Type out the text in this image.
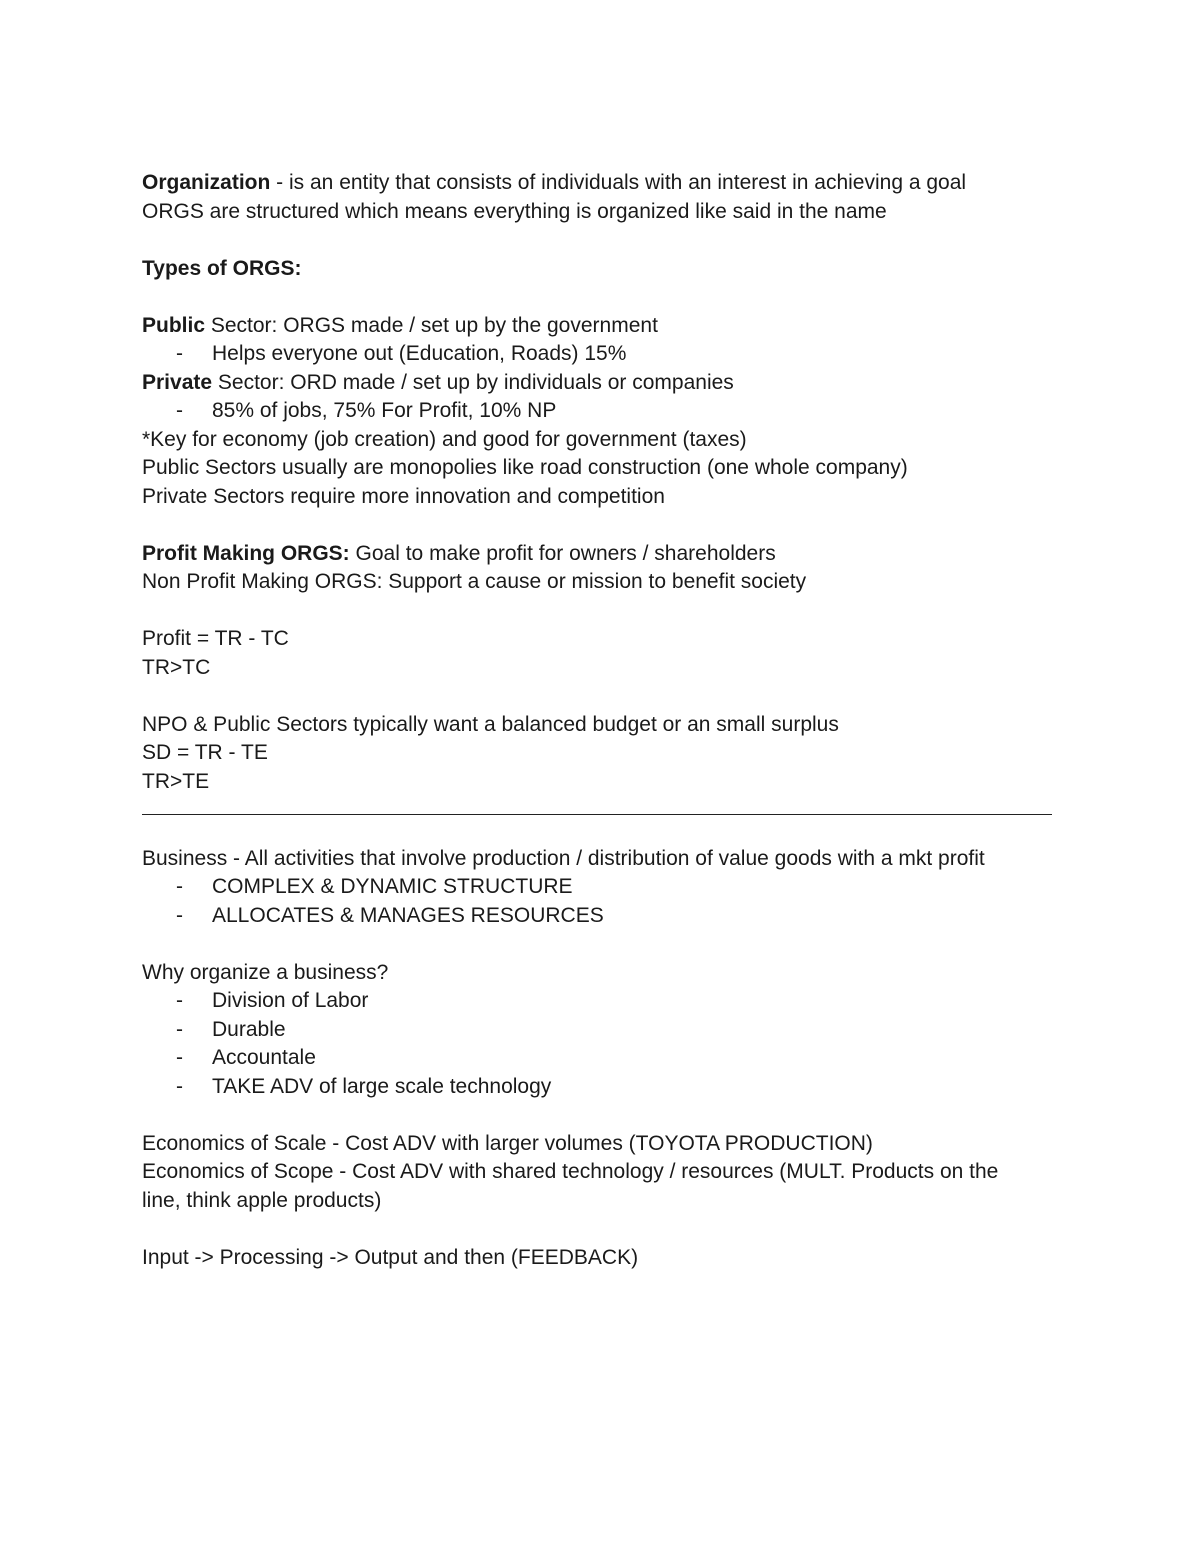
Organization - is an entity that consists of individuals with an interest in achieving a goal
ORGS are structured which means everything is organized like said in the name
Types of ORGS:
Public Sector: ORGS made / set up by the government
- Helps everyone out (Education, Roads) 15%
Private Sector: ORD made / set up by individuals or companies
- 85% of jobs, 75% For Profit, 10% NP
*Key for economy (job creation) and good for government (taxes)
Public Sectors usually are monopolies like road construction (one whole company)
Private Sectors require more innovation and competition
Profit Making ORGS: Goal to make profit for owners / shareholders
Non Profit Making ORGS: Support a cause or mission to benefit society
Profit = TR - TC
TR>TC
NPO & Public Sectors typically want a balanced budget or an small surplus
SD = TR - TE
TR>TE
Business - All activities that involve production / distribution of value goods with a mkt profit
- COMPLEX & DYNAMIC STRUCTURE
- ALLOCATES & MANAGES RESOURCES
Why organize a business?
- Division of Labor
- Durable
- Accountale
- TAKE ADV of large scale technology
Economics of Scale - Cost ADV with larger volumes (TOYOTA PRODUCTION)
Economics of Scope - Cost ADV with shared technology / resources (MULT. Products on the line, think apple products)
Input -> Processing -> Output and then (FEEDBACK)
